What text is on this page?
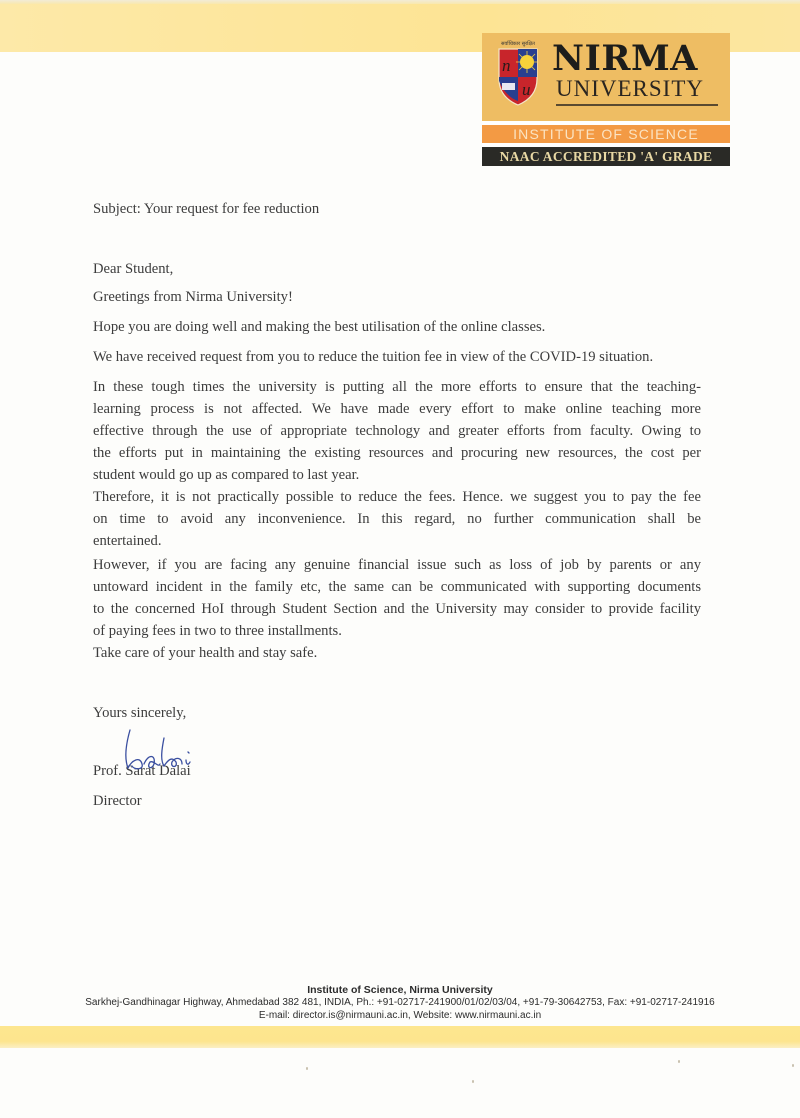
सर्वाधिकार सुरक्षित
n
u
NIRMA
UNIVERSITY
INSTITUTE OF SCIENCE
NAAC ACCREDITED 'A' GRADE
Subject: Your request for fee reduction
Dear Student,
Greetings from Nirma University!
Hope you are doing well and making the best utilisation of the online classes.
We have received request from you to reduce the tuition fee in view of the COVID-19 situation.
In these tough times the university is putting all the more efforts to ensure that the teaching-
learning process is not affected. We have made every effort to make online teaching more
effective through the use of appropriate technology and greater efforts from faculty. Owing to
the efforts put in maintaining the existing resources and procuring new resources, the cost per
student would go up as compared to last year.
Therefore, it is not practically possible to reduce the fees. Hence. we suggest you to pay the fee
on time to avoid any inconvenience. In this regard, no further communication shall be
entertained.
However, if you are facing any genuine financial issue such as loss of job by parents or any
untoward incident in the family etc, the same can be communicated with supporting documents
to the concerned HoI through Student Section and the University may consider to provide facility
of paying fees in two to three installments.
Take care of your health and stay safe.
Yours sincerely,
Prof. Sarat Dalai
Director
Institute of Science, Nirma University
Sarkhej-Gandhinagar Highway, Ahmedabad 382 481, INDIA, Ph.: +91-02717-241900/01/02/03/04, +91-79-30642753, Fax: +91-02717-241916
E-mail: director.is@nirmauni.ac.in, Website: www.nirmauni.ac.in
